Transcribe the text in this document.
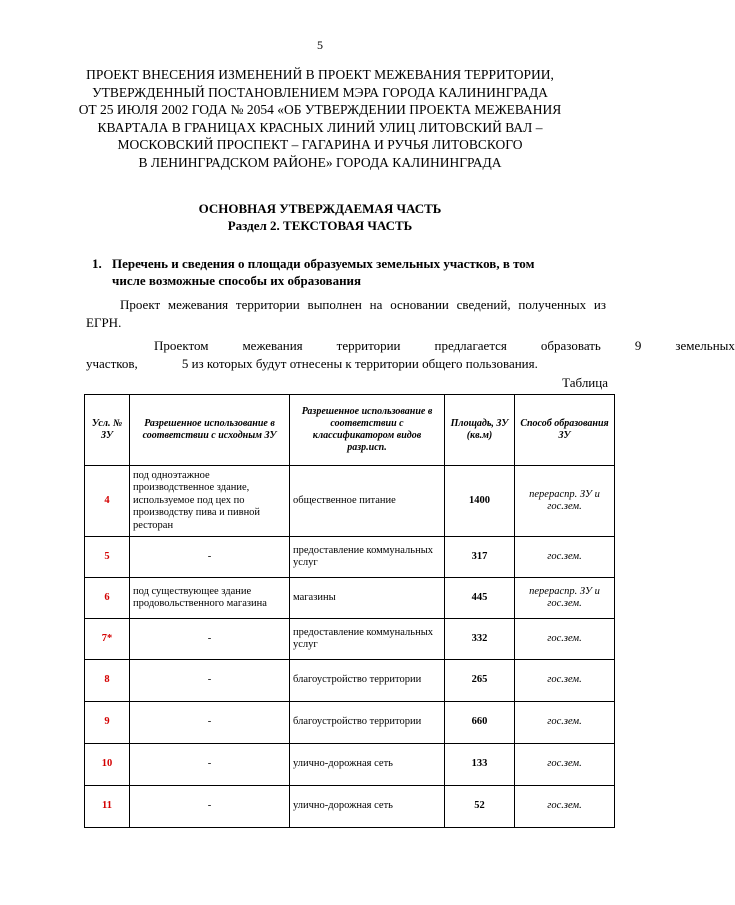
5
ПРОЕКТ ВНЕСЕНИЯ ИЗМЕНЕНИЙ В ПРОЕКТ МЕЖЕВАНИЯ ТЕРРИТОРИИ,
УТВЕРЖДЕННЫЙ ПОСТАНОВЛЕНИЕМ МЭРА ГОРОДА КАЛИНИНГРАДА
ОТ 25 ИЮЛЯ 2002 ГОДА № 2054 «ОБ УТВЕРЖДЕНИИ ПРОЕКТА МЕЖЕВАНИЯ
КВАРТАЛА В ГРАНИЦАХ КРАСНЫХ ЛИНИЙ УЛИЦ ЛИТОВСКИЙ ВАЛ –
МОСКОВСКИЙ ПРОСПЕКТ – ГАГАРИНА И РУЧЬЯ ЛИТОВСКОГО
В ЛЕНИНГРАДСКОМ РАЙОНЕ» ГОРОДА КАЛИНИНГРАДА
ОСНОВНАЯ УТВЕРЖДАЕМАЯ ЧАСТЬ
Раздел 2. ТЕКСТОВАЯ ЧАСТЬ
1. Перечень и сведения о площади образуемых земельных участков, в том
числе возможные способы их образования
Проект межевания территории выполнен на основании сведений, полученных из
ЕГРН.
Проектом	межевания	территории	предлагается	образовать	9	земельных
участков,	5 из которых будут отнесены к территории общего пользования.
Таблица
Усл. № ЗУ	Разрешенное использование в соответствии с исходным ЗУ	Разрешенное использование в соответствии с классификатором видов разр.исп.	Площадь, ЗУ (кв.м)	Способ образования ЗУ
4	под одноэтажное производственное здание, используемое под цех по производству пива и пивной ресторан	общественное питание	1400	перераспр. ЗУ и гос.зем.
5	-	предоставление коммунальных услуг	317	гос.зем.
6	под существующее здание продовольственного магазина	магазины	445	перераспр. ЗУ и гос.зем.
7*	-	предоставление коммунальных услуг	332	гос.зем.
8	-	благоустройство территории	265	гос.зем.
9	-	благоустройство территории	660	гос.зем.
10	-	улично-дорожная сеть	133	гос.зем.
11	-	улично-дорожная сеть	52	гос.зем.
